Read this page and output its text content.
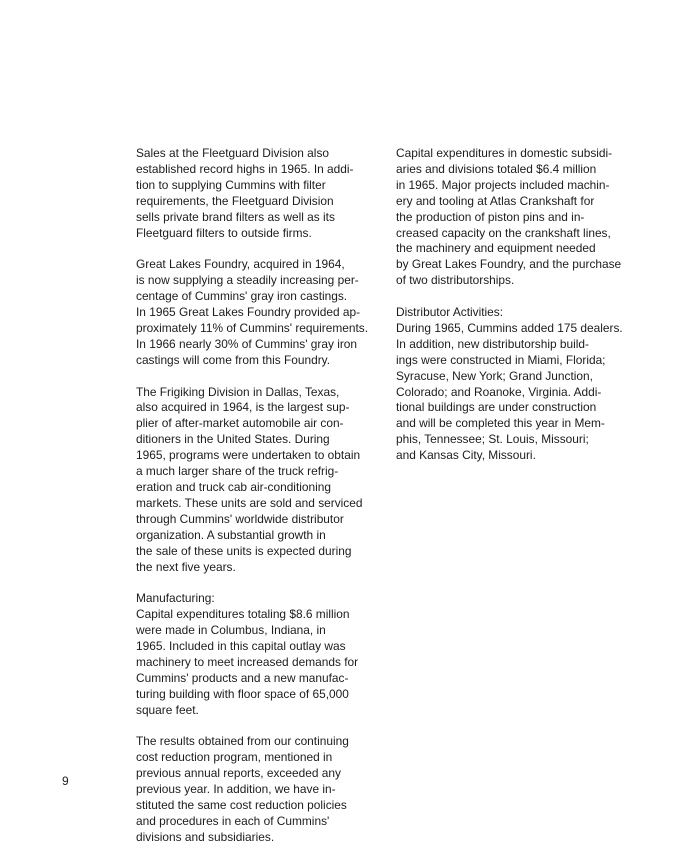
Sales at the Fleetguard Division also
established record highs in 1965. In addi-
tion to supplying Cummins with filter
requirements, the Fleetguard Division
sells private brand filters as well as its
Fleetguard filters to outside firms.

Great Lakes Foundry, acquired in 1964,
is now supplying a steadily increasing per-
centage of Cummins' gray iron castings.
In 1965 Great Lakes Foundry provided ap-
proximately 11% of Cummins' requirements.
In 1966 nearly 30% of Cummins' gray iron
castings will come from this Foundry.

The Frigiking Division in Dallas, Texas,
also acquired in 1964, is the largest sup-
plier of after-market automobile air con-
ditioners in the United States. During
1965, programs were undertaken to obtain
a much larger share of the truck refrig-
eration and truck cab air-conditioning
markets. These units are sold and serviced
through Cummins' worldwide distributor
organization. A substantial growth in
the sale of these units is expected during
the next five years.

Manufacturing:
Capital expenditures totaling $8.6 million
were made in Columbus, Indiana, in
1965. Included in this capital outlay was
machinery to meet increased demands for
Cummins' products and a new manufac-
turing building with floor space of 65,000
square feet.

The results obtained from our continuing
cost reduction program, mentioned in
previous annual reports, exceeded any
previous year. In addition, we have in-
stituted the same cost reduction policies
and procedures in each of Cummins'
divisions and subsidiaries.

Capital expenditures in domestic subsidi-
aries and divisions totaled $6.4 million
in 1965. Major projects included machin-
ery and tooling at Atlas Crankshaft for
the production of piston pins and in-
creased capacity on the crankshaft lines,
the machinery and equipment needed
by Great Lakes Foundry, and the purchase
of two distributorships.

Distributor Activities:
During 1965, Cummins added 175 dealers.
In addition, new distributorship build-
ings were constructed in Miami, Florida;
Syracuse, New York; Grand Junction,
Colorado; and Roanoke, Virginia. Addi-
tional buildings are under construction
and will be completed this year in Mem-
phis, Tennessee; St. Louis, Missouri;
and Kansas City, Missouri.

9
